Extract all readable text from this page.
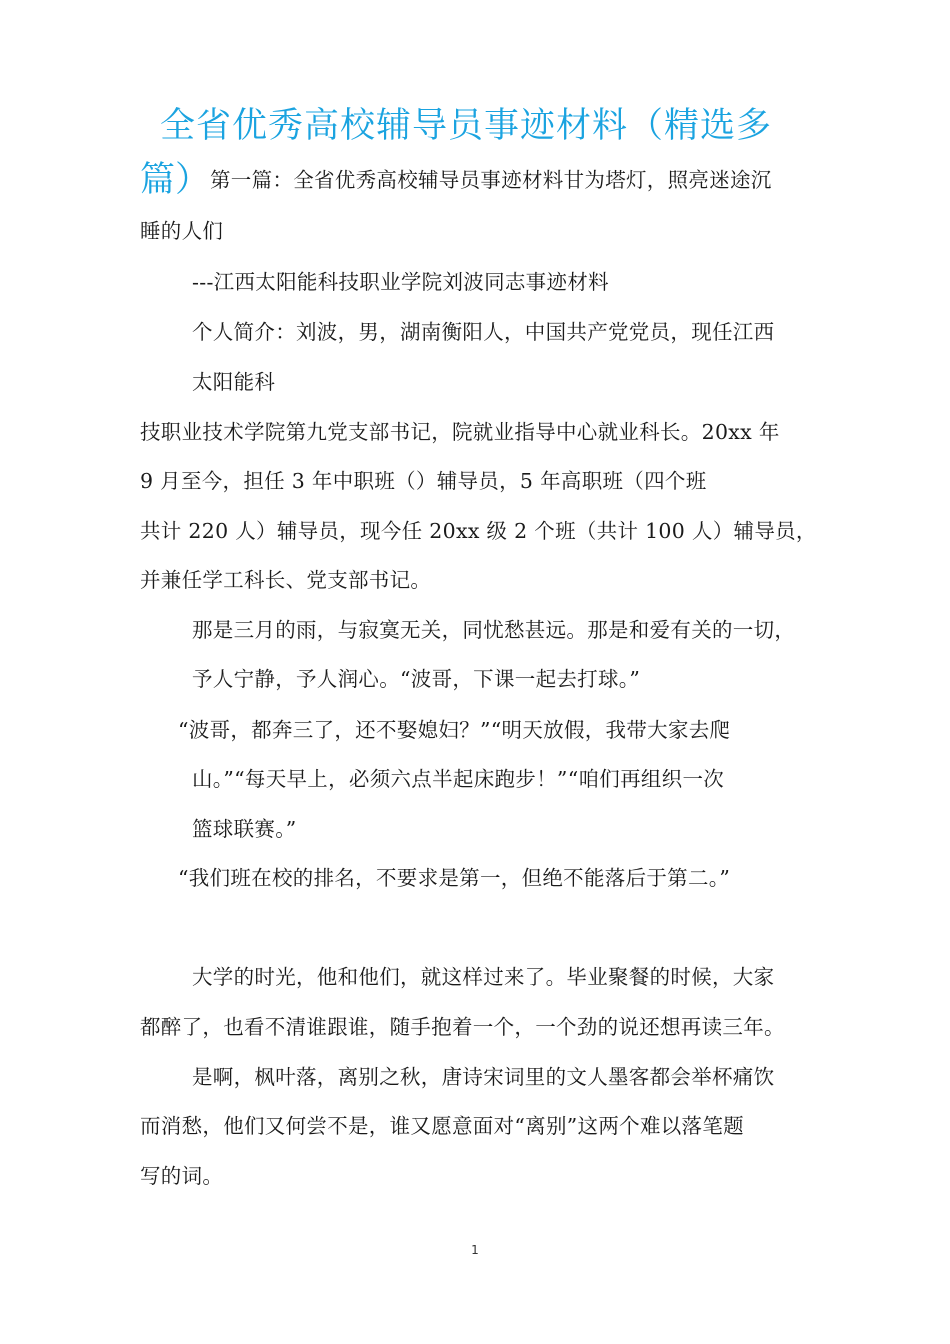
全省优秀高校辅导员事迹材料（精选多
篇） 第一篇：全省优秀高校辅导员事迹材料甘为塔灯，照亮迷途沉
睡的人们
---江西太阳能科技职业学院刘波同志事迹材料
个人简介：刘波，男，湖南衡阳人，中国共产党党员，现任江西
太阳能科
技职业技术学院第九党支部书记，院就业指导中心就业科长。20xx 年
9 月至今，担任 3 年中职班（）辅导员，5 年高职班（四个班
共计 220 人）辅导员，现今任 20xx 级 2 个班（共计 100 人）辅导员，
并兼任学工科长、党支部书记。
那是三月的雨，与寂寞无关，同忧愁甚远。那是和爱有关的一切，
予人宁静，予人润心。“波哥，下课一起去打球。”
“波哥，都奔三了，还不娶媳妇？”“明天放假，我带大家去爬
山。”“每天早上，必须六点半起床跑步！”“咱们再组织一次
篮球联赛。”
“我们班在校的排名，不要求是第一，但绝不能落后于第二。”
大学的时光，他和他们，就这样过来了。毕业聚餐的时候，大家
都醉了，也看不清谁跟谁，随手抱着一个，一个劲的说还想再读三年。
是啊，枫叶落，离别之秋，唐诗宋词里的文人墨客都会举杯痛饮
而消愁，他们又何尝不是，谁又愿意面对“离别”这两个难以落笔题
写的词。
1
